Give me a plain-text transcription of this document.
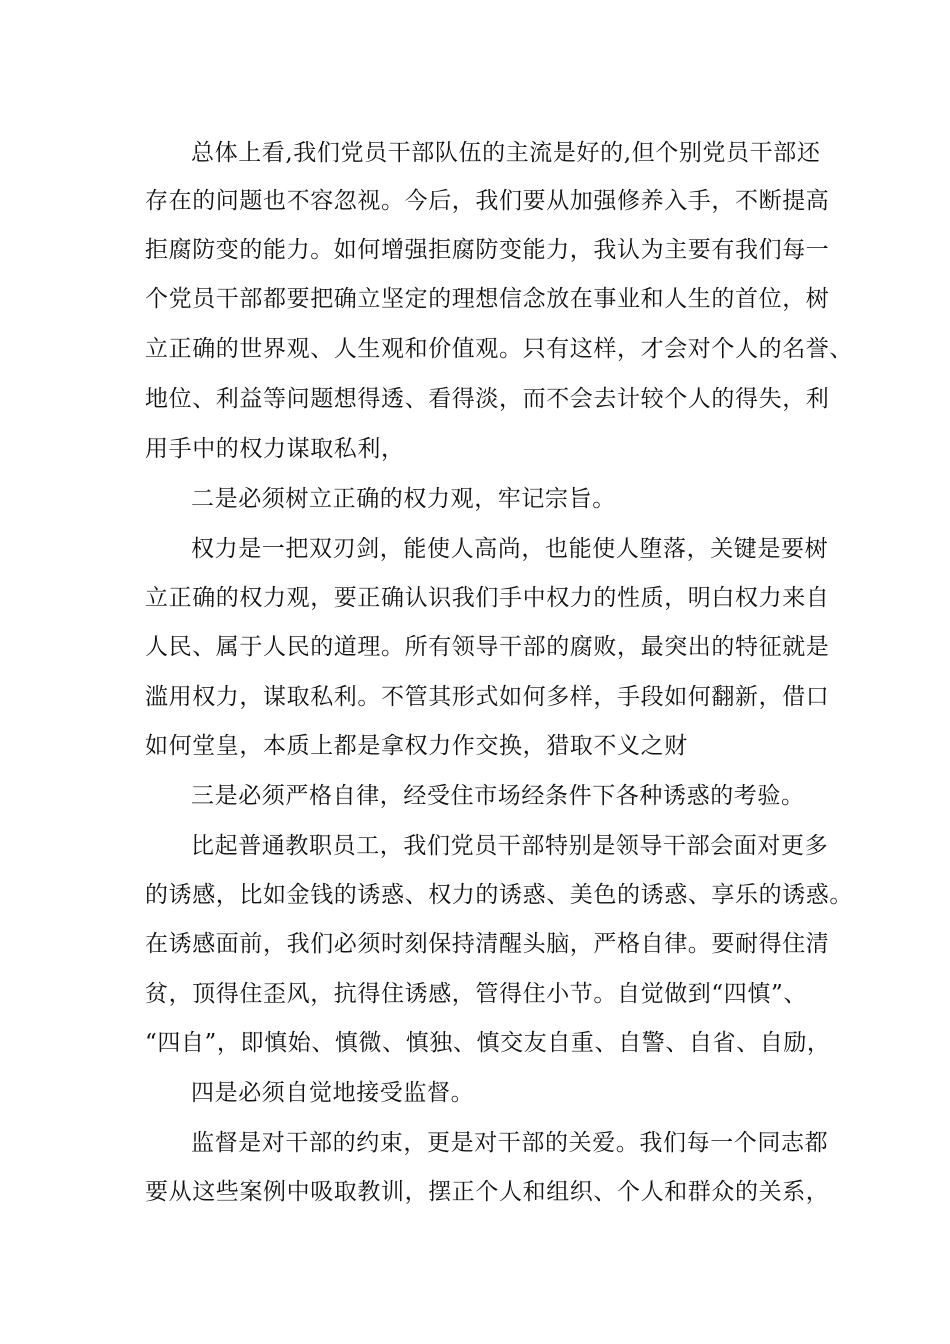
总体上看,我们党员干部队伍的主流是好的,但个别党员干部还

存在的问题也不容忽视。今后，我们要从加强修养入手，不断提高

拒腐防变的能力。如何增强拒腐防变能力，我认为主要有我们每一

个党员干部都要把确立坚定的理想信念放在事业和人生的首位，树

立正确的世界观、人生观和价值观。只有这样，才会对个人的名誉、

地位、利益等问题想得透、看得淡，而不会去计较个人的得失，利

用手中的权力谋取私利，

二是必须树立正确的权力观，牢记宗旨。

权力是一把双刃剑，能使人高尚，也能使人堕落，关键是要树

立正确的权力观，要正确认识我们手中权力的性质，明白权力来自

人民、属于人民的道理。所有领导干部的腐败，最突出的特征就是

滥用权力，谋取私利。不管其形式如何多样，手段如何翻新，借口

如何堂皇，本质上都是拿权力作交换，猎取不义之财

三是必须严格自律，经受住市场经条件下各种诱惑的考验。

比起普通教职员工，我们党员干部特别是领导干部会面对更多

的诱感，比如金钱的诱惑、权力的诱惑、美色的诱惑、享乐的诱惑。

在诱感面前，我们必须时刻保持清醒头脑，严格自律。要耐得住清

贫，顶得住歪风，抗得住诱感，管得住小节。自觉做到“四慎”、

“四自”，即慎始、慎微、慎独、慎交友自重、自警、自省、自励，

四是必须自觉地接受监督。

监督是对干部的约束，更是对干部的关爱。我们每一个同志都

要从这些案例中吸取教训，摆正个人和组织、个人和群众的关系，
